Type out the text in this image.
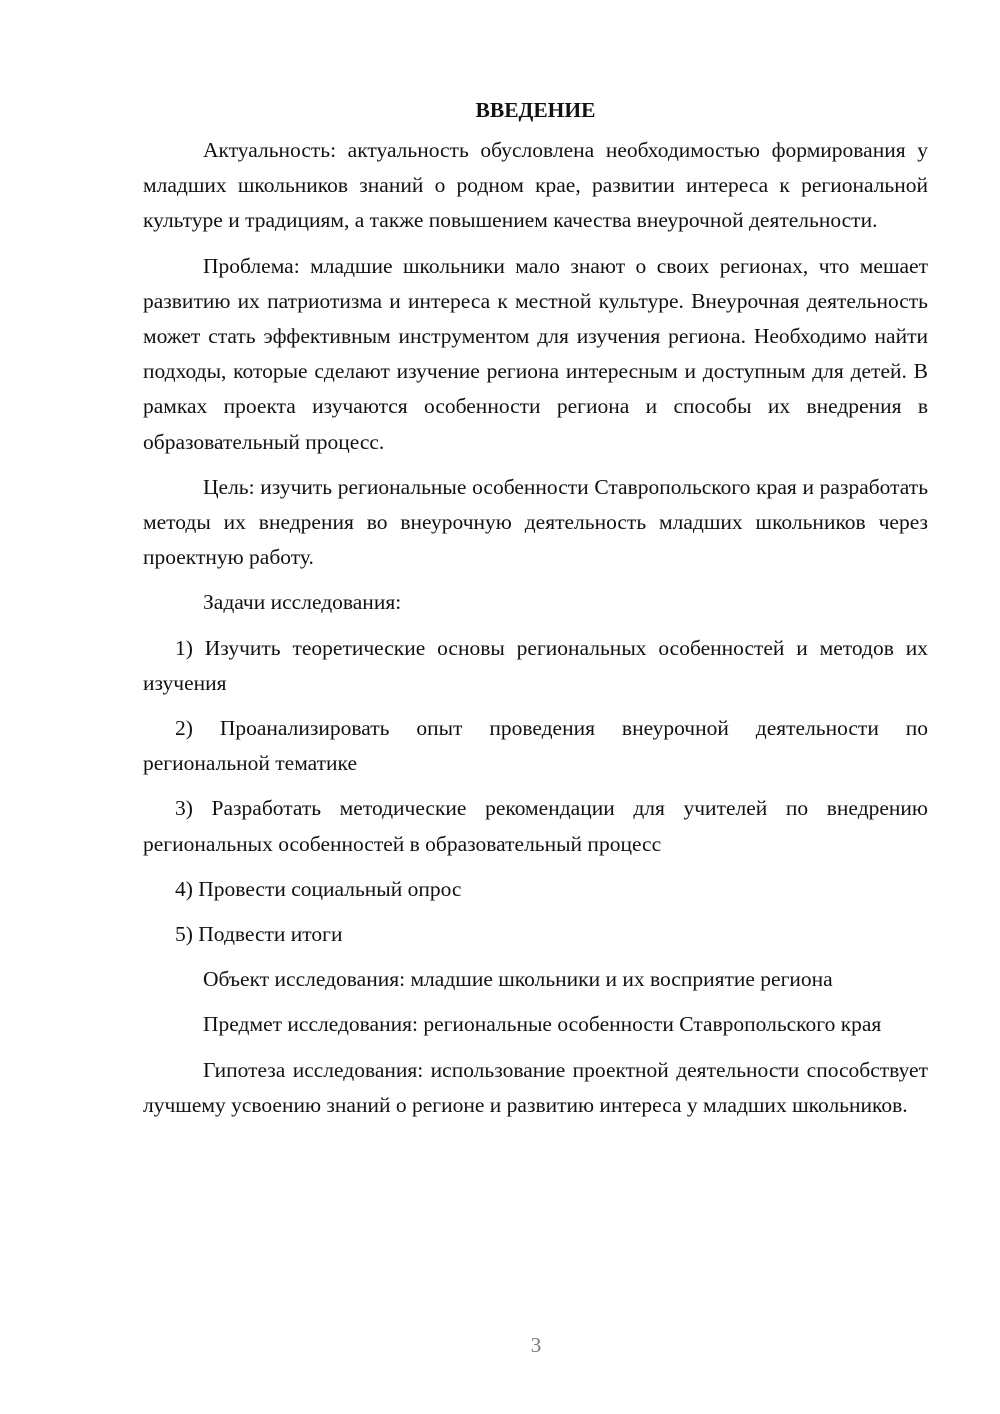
ВВЕДЕНИЕ

Актуальность: актуальность обусловлена необходимостью формирования у младших школьников знаний о родном крае, развитии интереса к региональной культуре и традициям, а также повышением качества внеурочной деятельности.

Проблема: младшие школьники мало знают о своих регионах, что мешает развитию их патриотизма и интереса к местной культуре. Внеурочная деятельность может стать эффективным инструментом для изучения региона. Необходимо найти подходы, которые сделают изучение региона интересным и доступным для детей. В рамках проекта изучаются особенности региона и способы их внедрения в образовательный процесс.

Цель: изучить региональные особенности Ставропольского края и разработать методы их внедрения во внеурочную деятельность младших школьников через проектную работу.

Задачи исследования:

1) Изучить теоретические основы региональных особенностей и методов их изучения

2) Проанализировать опыт проведения внеурочной деятельности по региональной тематике

3) Разработать методические рекомендации для учителей по внедрению региональных особенностей в образовательный процесс

4) Провести социальный опрос

5) Подвести итоги

Объект исследования: младшие школьники и их восприятие региона

Предмет исследования: региональные особенности Ставропольского края

Гипотеза исследования: использование проектной деятельности способствует лучшему усвоению знаний о регионе и развитию интереса у младших школьников.

3
